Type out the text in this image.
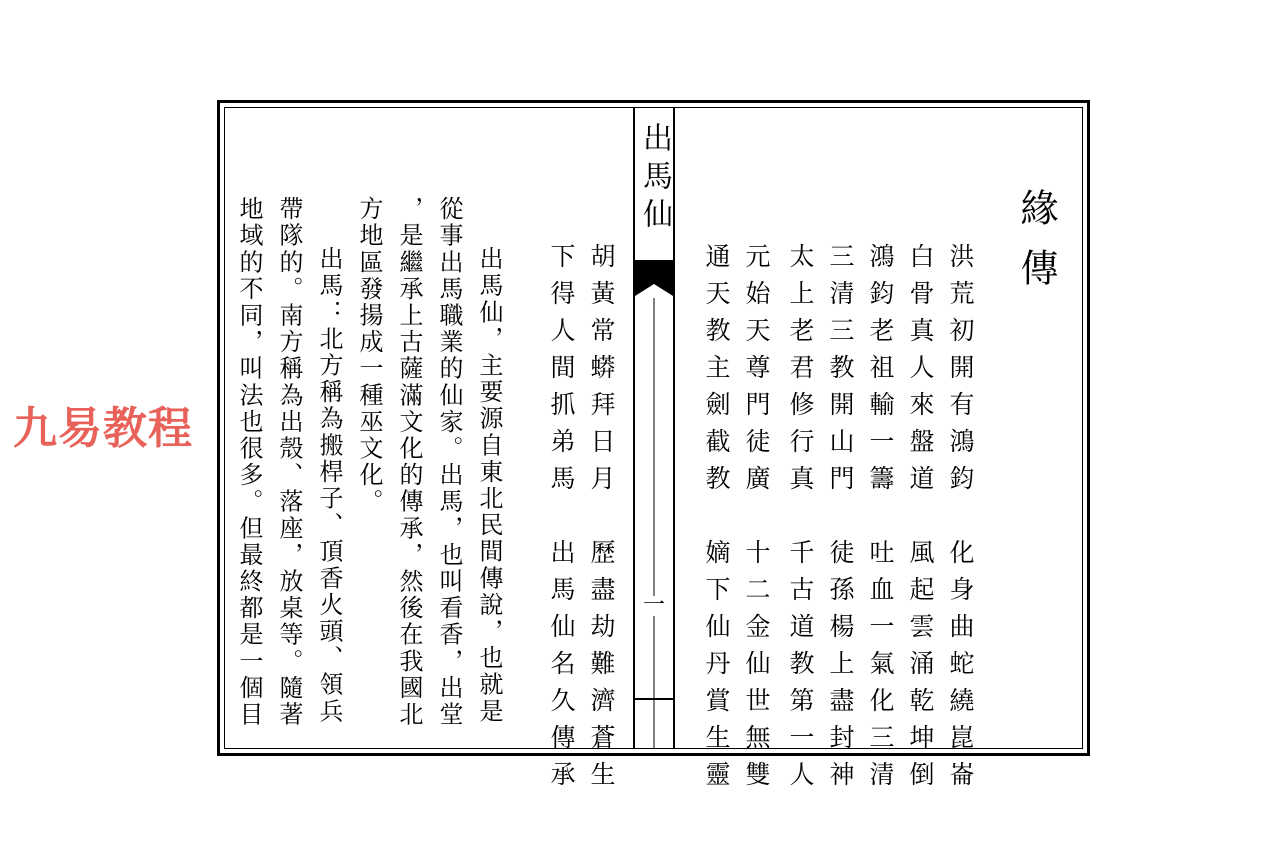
出馬仙
一
緣傳
洪荒初開有鴻鈞　化身曲蛇繞崑崙
白骨真人來盤道　風起雲涌乾坤倒
鴻鈞老祖輸一籌　吐血一氣化三清
三清三教開山門　徒孫楊上盡封神
太上老君修行真　千古道教第一人
元始天尊門徒廣　十二金仙世無雙
通天教主劍截教　嫡下仙丹賞生靈
胡黃常蟒拜日月　歷盡劫難濟蒼生
下得人間抓弟馬　出馬仙名久傳承
出馬仙，主要源自東北民間傳說，也就是
從事出馬職業的仙家。出馬，也叫看香，出堂
，是繼承上古薩滿文化的傳承，然後在我國北
方地區發揚成一種巫文化。
出馬：北方稱為搬桿子、頂香火頭、領兵
帶隊的。南方稱為出殼、落座，放桌等。隨著
地域的不同，叫法也很多。但最終都是一個目
九易教程
